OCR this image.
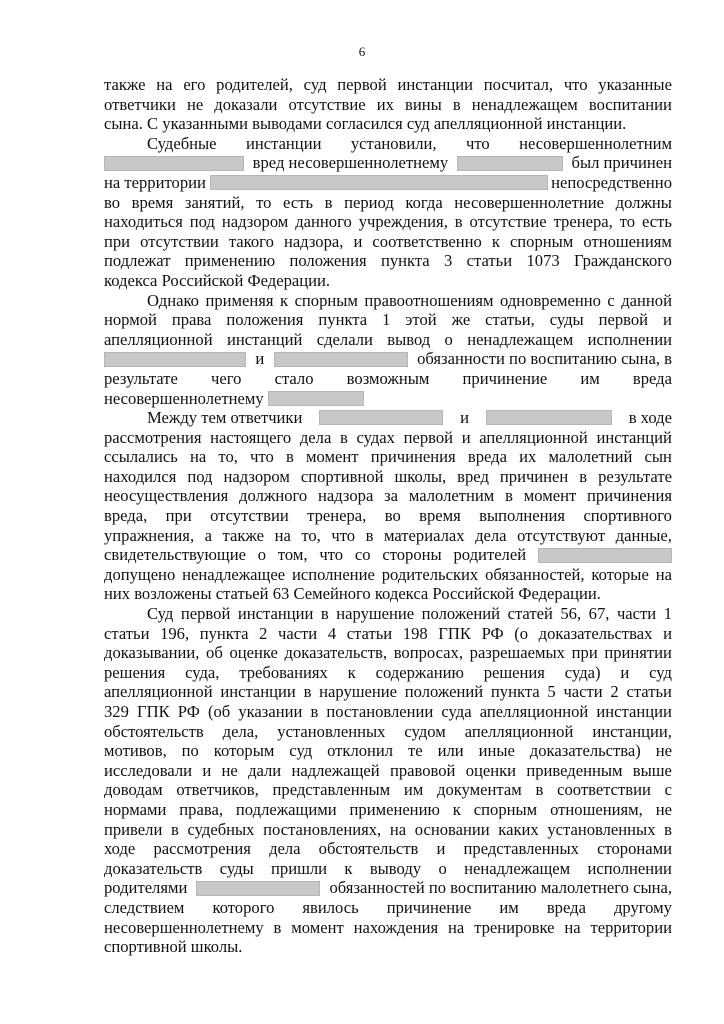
6
также на его родителей, суд первой инстанции посчитал, что указанные
ответчики не доказали отсутствие их вины в ненадлежащем воспитании
сына. С указанными выводами согласился суд апелляционной инстанции.
Судебные инстанции установили, что несовершеннолетним
вред несовершеннолетнему	был причинен
на территории	непосредственно
во время занятий, то есть в период когда несовершеннолетние должны
находиться под надзором данного учреждения, в отсутствие тренера, то есть
при отсутствии такого надзора, и соответственно к спорным отношениям
подлежат применению положения пункта 3 статьи 1073 Гражданского
кодекса Российской Федерации.
Однако применяя к спорным правоотношениям одновременно с данной
нормой права положения пункта 1 этой же статьи, суды первой и
апелляционной инстанций сделали вывод о ненадлежащем исполнении
и	обязанности по воспитанию сына, в
результате чего стало возможным причинение им вреда
несовершеннолетнему
Между тем ответчики	и	в ходе
рассмотрения настоящего дела в судах первой и апелляционной инстанций
ссылались на то, что в момент причинения вреда их малолетний сын
находился под надзором спортивной школы, вред причинен в результате
неосуществления должного надзора за малолетним в момент причинения
вреда, при отсутствии тренера, во время выполнения спортивного
упражнения, а также на то, что в материалах дела отсутствуют данные,
свидетельствующие о том, что со стороны родителей
допущено ненадлежащее исполнение родительских обязанностей, которые на
них возложены статьей 63 Семейного кодекса Российской Федерации.
Суд первой инстанции в нарушение положений статей 56, 67, части 1
статьи 196, пункта 2 части 4 статьи 198 ГПК РФ (о доказательствах и
доказывании, об оценке доказательств, вопросах, разрешаемых при принятии
решения суда, требованиях к содержанию решения суда) и суд
апелляционной инстанции в нарушение положений пункта 5 части 2 статьи
329 ГПК РФ (об указании в постановлении суда апелляционной инстанции
обстоятельств дела, установленных судом апелляционной инстанции,
мотивов, по которым суд отклонил те или иные доказательства) не
исследовали и не дали надлежащей правовой оценки приведенным выше
доводам ответчиков, представленным им документам в соответствии с
нормами права, подлежащими применению к спорным отношениям, не
привели в судебных постановлениях, на основании каких установленных в
ходе рассмотрения дела обстоятельств и представленных сторонами
доказательств суды пришли к выводу о ненадлежащем исполнении
родителями	обязанностей по воспитанию малолетнего сына,
следствием которого явилось причинение им вреда другому
несовершеннолетнему в момент нахождения на тренировке на территории
спортивной школы.
